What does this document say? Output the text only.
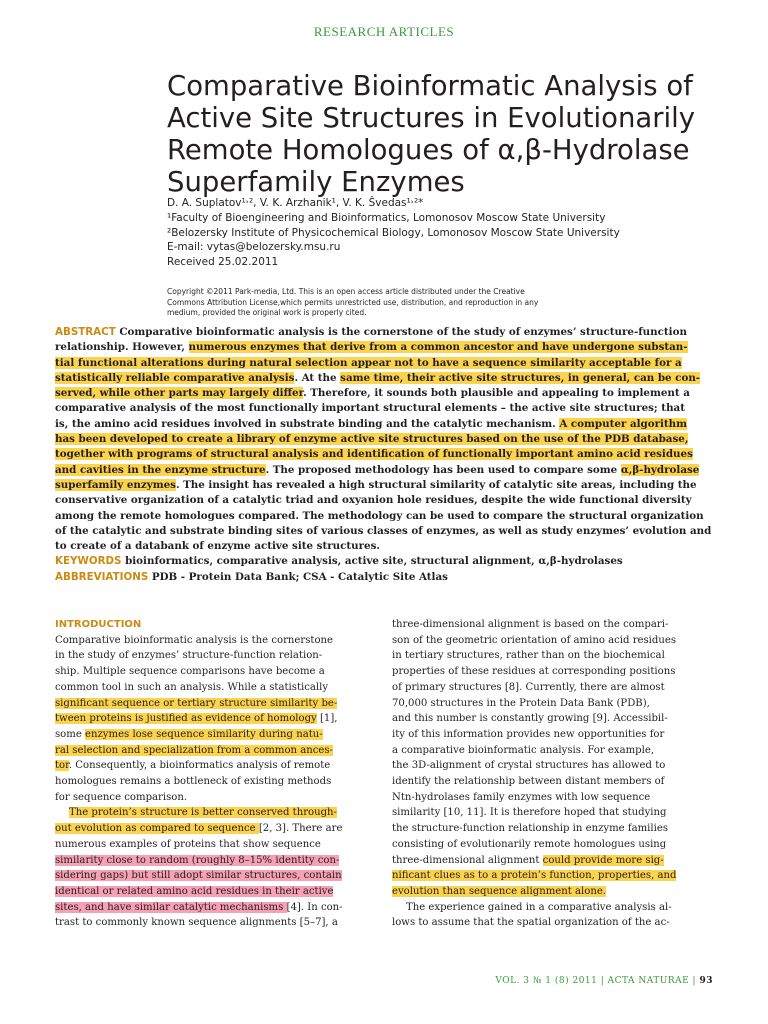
RESEARCH ARTICLES
Comparative Bioinformatic Analysis of
Active Site Structures in Evolutionarily
Remote Homologues of α,β-Hydrolase
Superfamily Enzymes
D. A. Suplatov¹˒², V. K. Arzhanik¹, V. K. Švedas¹˒²*
¹Faculty of Bioengineering and Bioinformatics, Lomonosov Moscow State University
²Belozersky Institute of Physicochemical Biology, Lomonosov Moscow State University
E-mail: vytas@belozersky.msu.ru
Received 25.02.2011
Copyright ©2011 Park-media, Ltd. This is an open access article distributed under the Creative
Commons Attribution License,which permits unrestricted use, distribution, and reproduction in any
medium, provided the original work is properly cited.
ABSTRACT Comparative bioinformatic analysis is the cornerstone of the study of enzymes’ structure-function
relationship. However, numerous enzymes that derive from a common ancestor and have undergone substan-
tial functional alterations during natural selection appear not to have a sequence similarity acceptable for a
statistically reliable comparative analysis. At the same time, their active site structures, in general, can be con-
served, while other parts may largely differ. Therefore, it sounds both plausible and appealing to implement a
comparative analysis of the most functionally important structural elements – the active site structures; that
is, the amino acid residues involved in substrate binding and the catalytic mechanism. A computer algorithm
has been developed to create a library of enzyme active site structures based on the use of the PDB database,
together with programs of structural analysis and identification of functionally important amino acid residues
and cavities in the enzyme structure. The proposed methodology has been used to compare some α,β-hydrolase
superfamily enzymes. The insight has revealed a high structural similarity of catalytic site areas, including the
conservative organization of a catalytic triad and oxyanion hole residues, despite the wide functional diversity
among the remote homologues compared. The methodology can be used to compare the structural organization
of the catalytic and substrate binding sites of various classes of enzymes, as well as study enzymes’ evolution and
to create of a databank of enzyme active site structures.
KEYWORDS bioinformatics, comparative analysis, active site, structural alignment, α,β-hydrolases
ABBREVIATIONS PDB - Protein Data Bank; CSA - Catalytic Site Atlas
INTRODUCTION
Comparative bioinformatic analysis is the cornerstone
in the study of enzymes’ structure-function relation-
ship. Multiple sequence comparisons have become a
common tool in such an analysis. While a statistically
significant sequence or tertiary structure similarity be-
tween proteins is justified as evidence of homology [1],
some enzymes lose sequence similarity during natu-
ral selection and specialization from a common ances-
tor. Consequently, a bioinformatics analysis of remote
homologues remains a bottleneck of existing methods
for sequence comparison.
The protein’s structure is better conserved through-
out evolution as compared to sequence [2, 3]. There are
numerous examples of proteins that show sequence
similarity close to random (roughly 8–15% identity con-
sidering gaps) but still adopt similar structures, contain
identical or related amino acid residues in their active
sites, and have similar catalytic mechanisms [4]. In con-
trast to commonly known sequence alignments [5–7], a
three-dimensional alignment is based on the compari-
son of the geometric orientation of amino acid residues
in tertiary structures, rather than on the biochemical
properties of these residues at corresponding positions
of primary structures [8]. Currently, there are almost
70,000 structures in the Protein Data Bank (PDB),
and this number is constantly growing [9]. Accessibil-
ity of this information provides new opportunities for
a comparative bioinformatic analysis. For example,
the 3D-alignment of crystal structures has allowed to
identify the relationship between distant members of
Ntn-hydrolases family enzymes with low sequence
similarity [10, 11]. It is therefore hoped that studying
the structure-function relationship in enzyme families
consisting of evolutionarily remote homologues using
three-dimensional alignment could provide more sig-
nificant clues as to a protein’s function, properties, and
evolution than sequence alignment alone.
The experience gained in a comparative analysis al-
lows to assume that the spatial organization of the ac-
VOL. 3 № 1 (8) 2011 | ACTA NATURAE | 93
